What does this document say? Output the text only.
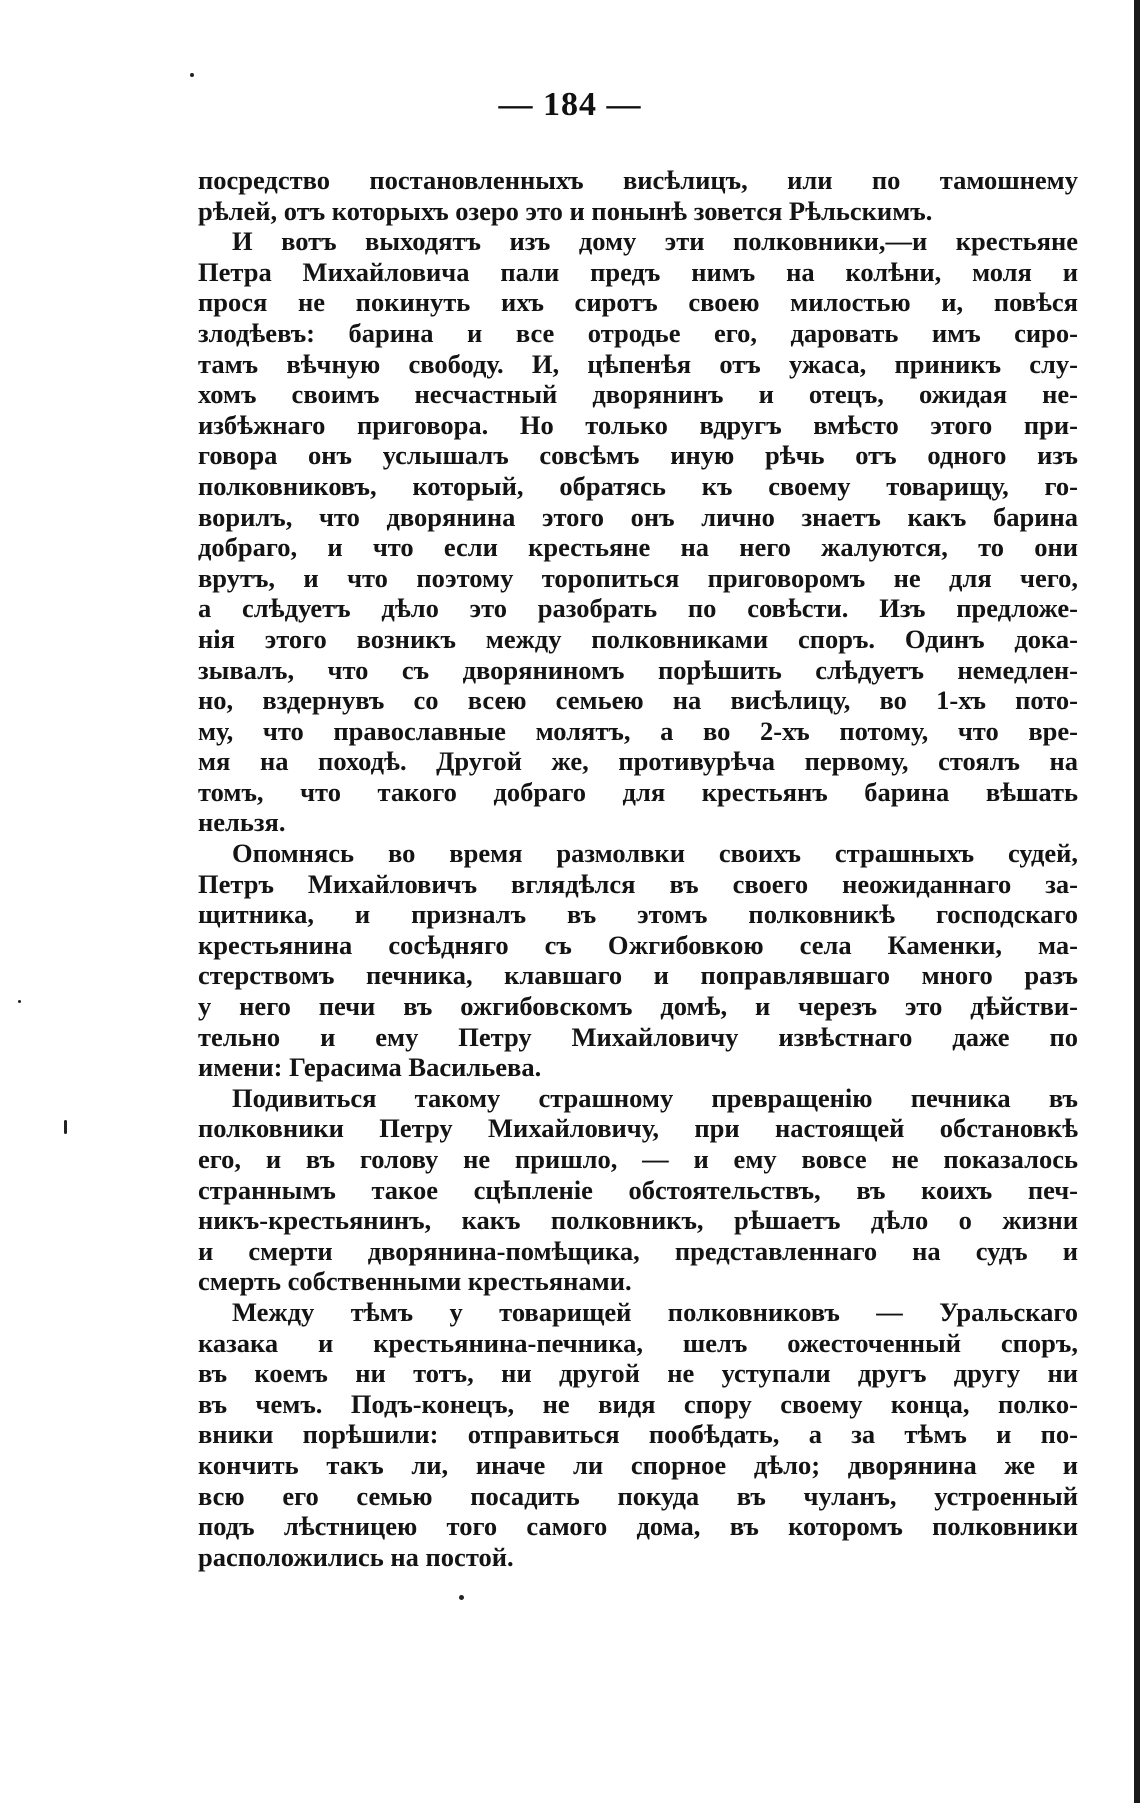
— 184 —
посредство постановленныхъ висѣлицъ, или по тамошнему
рѣлей, отъ которыхъ озеро это и понынѣ зовется Рѣльскимъ.
И вотъ выходятъ изъ дому эти полковники,—и крестьяне
Петра Михайловича пали предъ нимъ на колѣни, моля и
прося не покинуть ихъ сиротъ своею милостью и, повѣся
злодѣевъ: барина и все отродье его, даровать имъ сиро-
тамъ вѣчную свободу. И, цѣпенѣя отъ ужаса, приникъ слу-
хомъ своимъ несчастный дворянинъ и отецъ, ожидая не-
избѣжнаго приговора. Но только вдругъ вмѣсто этого при-
говора онъ услышалъ совсѣмъ иную рѣчь отъ одного изъ
полковниковъ, который, обратясь къ своему товарищу, го-
ворилъ, что дворянина этого онъ лично знаетъ какъ барина
добраго, и что если крестьяне на него жалуются, то они
врутъ, и что поэтому торопиться приговоромъ не для чего,
а слѣдуетъ дѣло это разобрать по совѣсти. Изъ предложе-
нія этого возникъ между полковниками споръ. Одинъ дока-
зывалъ, что съ дворяниномъ порѣшить слѣдуетъ немедлен-
но, вздернувъ со всею семьею на висѣлицу, во 1-хъ пото-
му, что православные молятъ, а во 2-хъ потому, что вре-
мя на походѣ. Другой же, противурѣча первому, стоялъ на
томъ, что такого добраго для крестьянъ барина вѣшать
нельзя.
Опомнясь во время размолвки своихъ страшныхъ судей,
Петръ Михайловичъ вглядѣлся въ своего неожиданнаго за-
щитника, и призналъ въ этомъ полковникѣ господскаго
крестьянина сосѣдняго съ Ожгибовкою села Каменки, ма-
стерствомъ печника, клавшаго и поправлявшаго много разъ
у него печи въ ожгибовскомъ домѣ, и черезъ это дѣйстви-
тельно и ему Петру Михайловичу извѣстнаго даже по
имени: Герасима Васильева.
Подивиться такому страшному превращенію печника въ
полковники Петру Михайловичу, при настоящей обстановкѣ
его, и въ голову не пришло, — и ему вовсе не показалось
страннымъ такое сцѣпленіе обстоятельствъ, въ коихъ печ-
никъ-крестьянинъ, какъ полковникъ, рѣшаетъ дѣло о жизни
и смерти дворянина-помѣщика, представленнаго на судъ и
смерть собственными крестьянами.
Между тѣмъ у товарищей полковниковъ — Уральскаго
казака и крестьянина-печника, шелъ ожесточенный споръ,
въ коемъ ни тотъ, ни другой не уступали другъ другу ни
въ чемъ. Подъ-конецъ, не видя спору своему конца, полко-
вники порѣшили: отправиться пообѣдать, а за тѣмъ и по-
кончить такъ ли, иначе ли спорное дѣло; дворянина же и
всю его семью посадить покуда въ чуланъ, устроенный
подъ лѣстницею того самого дома, въ которомъ полковники
расположились на постой.
